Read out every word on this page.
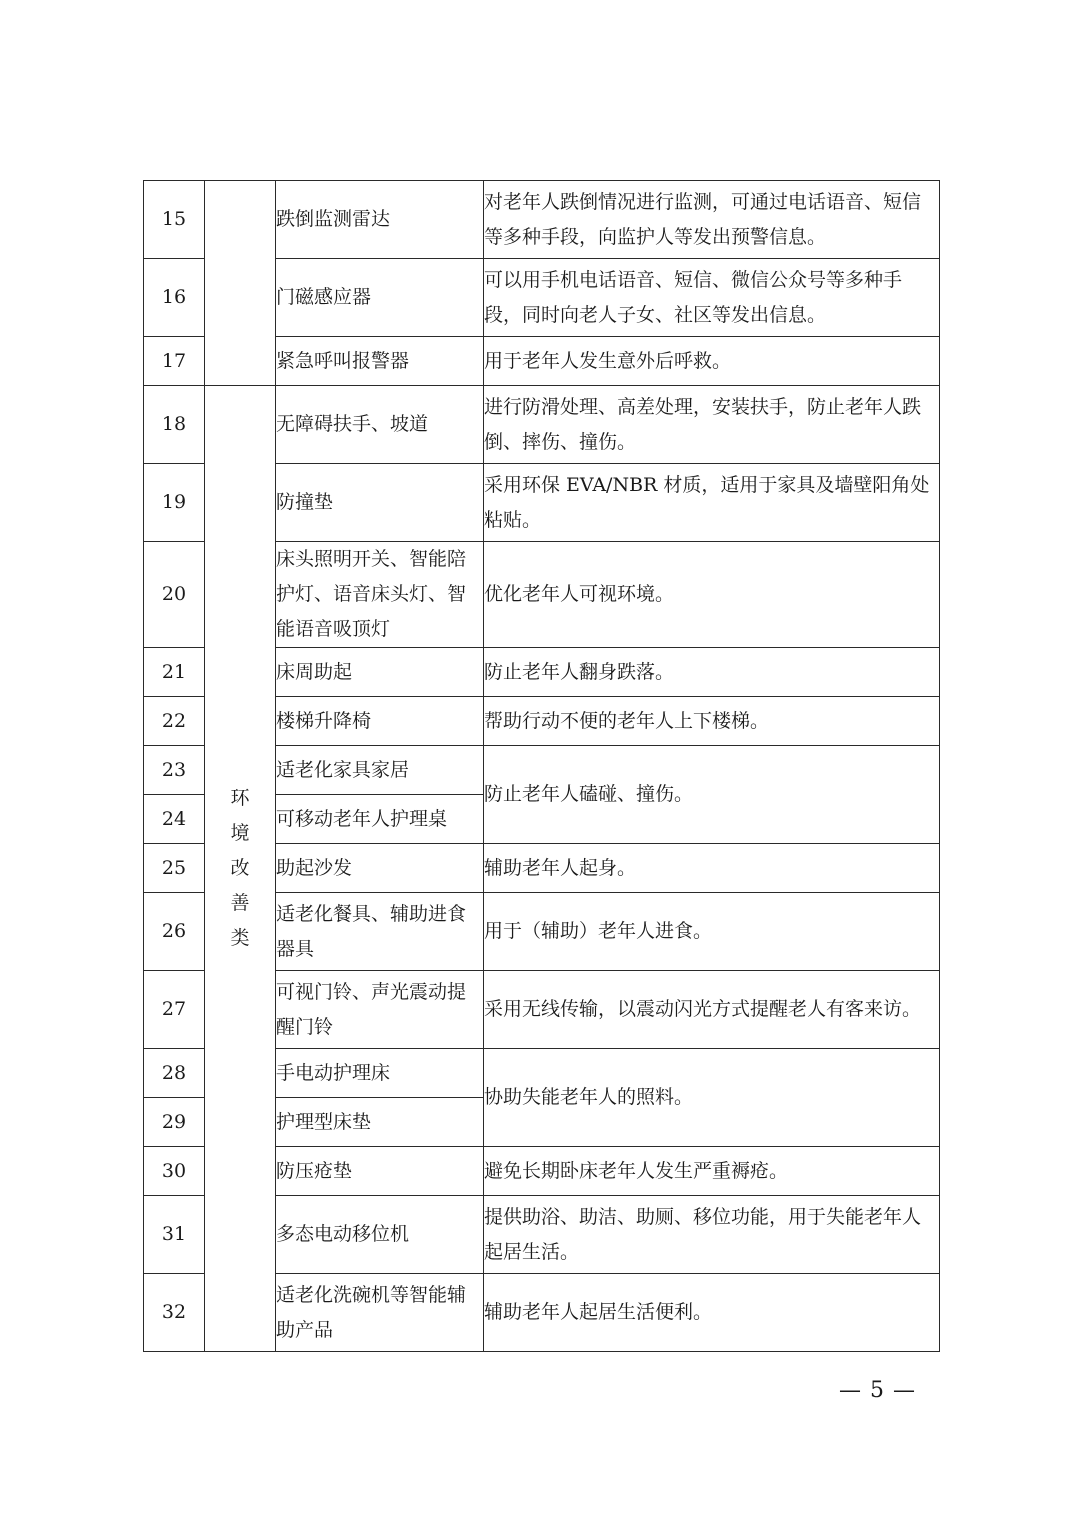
15		跌倒监测雷达	对老年人跌倒情况进行监测，可通过电话语音、短信等多种手段，向监护人等发出预警信息。
16		门磁感应器	可以用手机电话语音、短信、微信公众号等多种手段，同时向老人子女、社区等发出信息。
17		紧急呼叫报警器	用于老年人发生意外后呼救。
18	环境改善类	无障碍扶手、坡道	进行防滑处理、高差处理，安装扶手，防止老年人跌倒、摔伤、撞伤。
19		防撞垫	采用环保 EVA/NBR 材质，适用于家具及墙壁阳角处粘贴。
20		床头照明开关、智能陪护灯、语音床头灯、智能语音吸顶灯	优化老年人可视环境。
21		床周助起	防止老年人翻身跌落。
22		楼梯升降椅	帮助行动不便的老年人上下楼梯。
23		适老化家具家居	防止老年人磕碰、撞伤。
24		可移动老年人护理桌	
25		助起沙发	辅助老年人起身。
26		适老化餐具、辅助进食器具	用于（辅助）老年人进食。
27		可视门铃、声光震动提醒门铃	采用无线传输，以震动闪光方式提醒老人有客来访。
28		手电动护理床	协助失能老年人的照料。
29		护理型床垫	
30		防压疮垫	避免长期卧床老年人发生严重褥疮。
31		多态电动移位机	提供助浴、助洁、助厕、移位功能，用于失能老年人起居生活。
32		适老化洗碗机等智能辅助产品	辅助老年人起居生活便利。
— 5 —
